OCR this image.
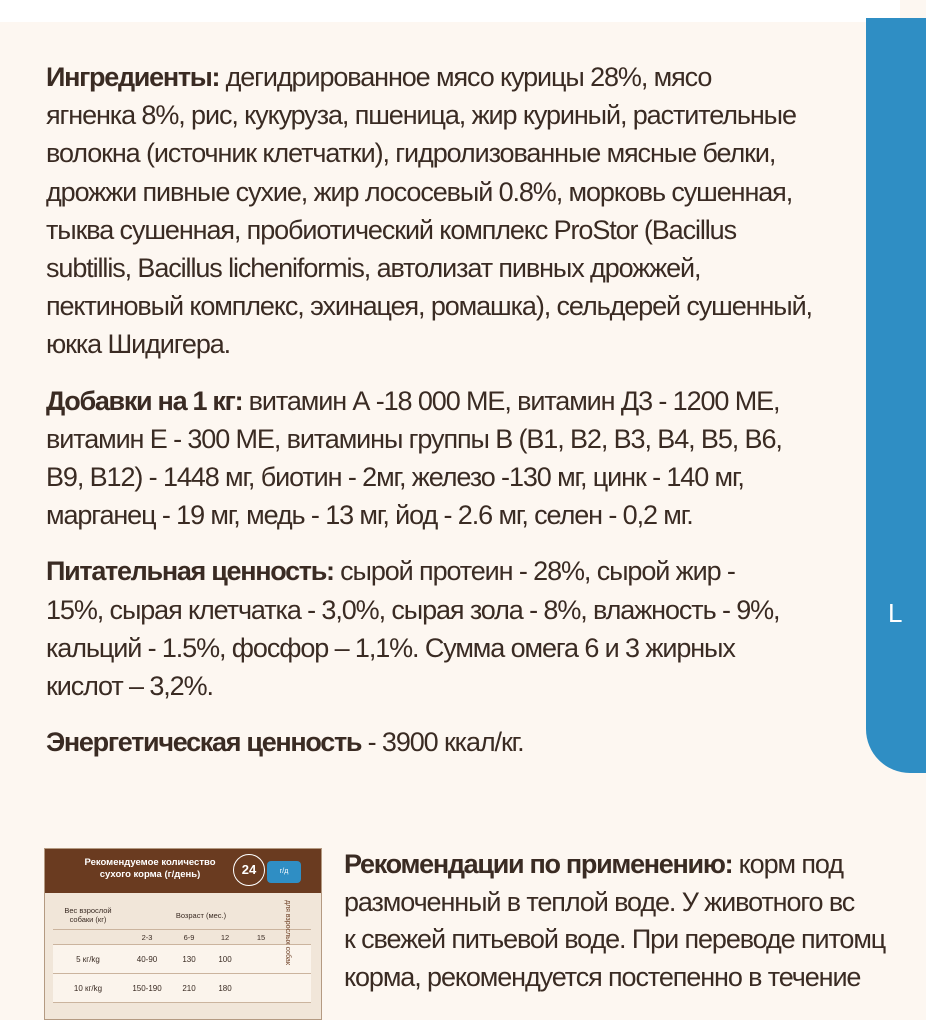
L

Ингредиенты: дегидрированное мясо курицы 28%, мясо
ягненка 8%, рис, кукуруза, пшеница, жир куриный, растительные
волокна (источник клетчатки), гидролизованные мясные белки,
дрожжи пивные сухие, жир лососевый 0.8%, морковь сушенная,
тыква сушенная, пробиотический комплекс ProStor (Bacillus
subtillis, Bacillus licheniformis, автолизат пивных дрожжей,
пектиновый комплекс, эхинацея, ромашка), сельдерей сушенный,
юкка Шидигера.

Добавки на 1 кг: витамин А -18 000 МЕ, витамин Д3 - 1200 МЕ,
витамин Е - 300 МЕ, витамины группы В (В1, В2, В3, В4, В5, В6,
В9, В12) - 1448 мг, биотин - 2мг, железо -130 мг, цинк - 140 мг,
марганец - 19 мг, медь - 13 мг, йод - 2.6 мг, селен - 0,2 мг.

Питательная ценность: сырой протеин - 28%, сырой жир -
15%, сырая клетчатка - 3,0%, сырая зола - 8%, влажность - 9%,
кальций - 1.5%, фосфор – 1,1%. Сумма омега 6 и 3 жирных
кислот – 3,2%.

Энергетическая ценность - 3900 ккал/кг.

Рекомендуемое количество
сухого корма (г/день)	24	г/д
Вес взрослой собаки (кг)	Возраст (мес.)
2-3	6-9	12	15
5 кг/kg	40-90	130	100
10 кг/kg	150-190	210	180
для взрослых собак

Рекомендации по применению: корм под
размоченный в теплой воде. У животного вс
к свежей питьевой воде. При переводе питомц
корма, рекомендуется постепенно в течение
